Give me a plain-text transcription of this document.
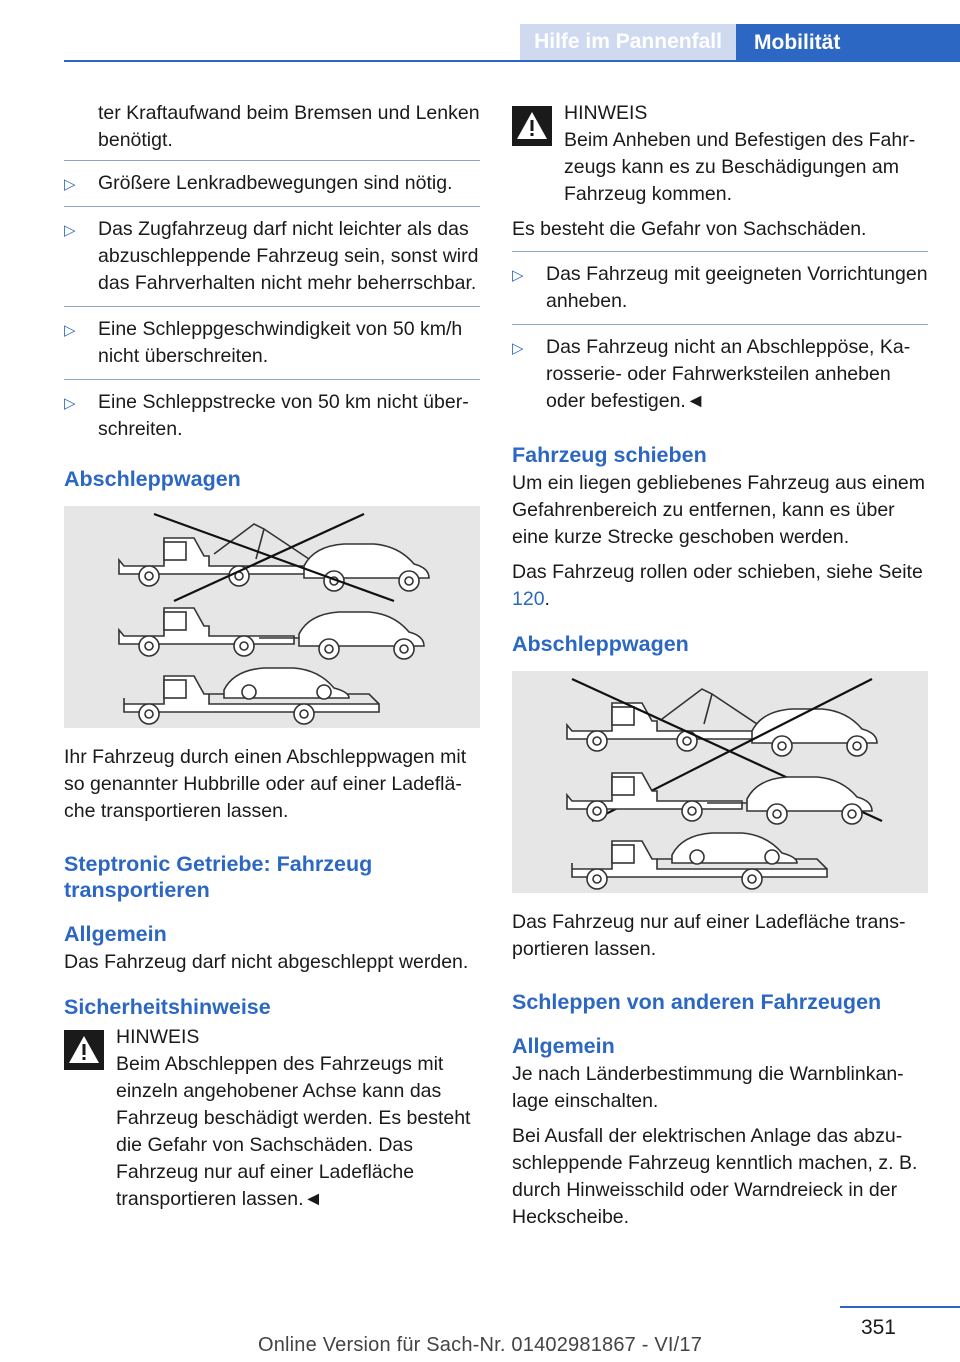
Hilfe im Pannenfall	Mobilität

ter Kraftaufwand beim Bremsen und Lenken benötigt.

▷ Größere Lenkradbewegungen sind nötig.
▷ Das Zugfahrzeug darf nicht leichter als das abzuschleppende Fahrzeug sein, sonst wird das Fahrverhalten nicht mehr beherrschbar.
▷ Eine Schleppgeschwindigkeit von 50 km/h nicht überschreiten.
▷ Eine Schleppstrecke von 50 km nicht überschreiten.
Abschleppwagen

Ihr Fahrzeug durch einen Abschleppwagen mit so genannter Hubbrille oder auf einer Ladefläche transportieren lassen.

Steptronic Getriebe: Fahrzeug transportieren
Allgemein

Das Fahrzeug darf nicht abgeschleppt werden.

Sicherheitshinweise
HINWEIS
Beim Abschleppen des Fahrzeugs mit einzeln angehobener Achse kann das Fahrzeug beschädigt werden. Es besteht die Gefahr von Sachschäden. Das Fahrzeug nur auf einer Ladefläche transportieren lassen.◄
HINWEIS
Beim Anheben und Befestigen des Fahrzeugs kann es zu Beschädigungen am Fahrzeug kommen.

Es besteht die Gefahr von Sachschäden.

▷ Das Fahrzeug mit geeigneten Vorrichtungen anheben.
▷ Das Fahrzeug nicht an Abschleppöse, Karosserie- oder Fahrwerksteilen anheben oder befestigen.◄
Fahrzeug schieben

Um ein liegen gebliebenes Fahrzeug aus einem Gefahrenbereich zu entfernen, kann es über eine kurze Strecke geschoben werden.

Das Fahrzeug rollen oder schieben, siehe Seite 120.

Abschleppwagen

Das Fahrzeug nur auf einer Ladefläche transportieren lassen.

Schleppen von anderen Fahrzeugen
Allgemein

Je nach Länderbestimmung die Warnblinkanlage einschalten.

Bei Ausfall der elektrischen Anlage das abzuschleppende Fahrzeug kenntlich machen, z. B. durch Hinweisschild oder Warndreieck in der Heckscheibe.

351
Online Version für Sach-Nr. 01402981867 - VI/17
